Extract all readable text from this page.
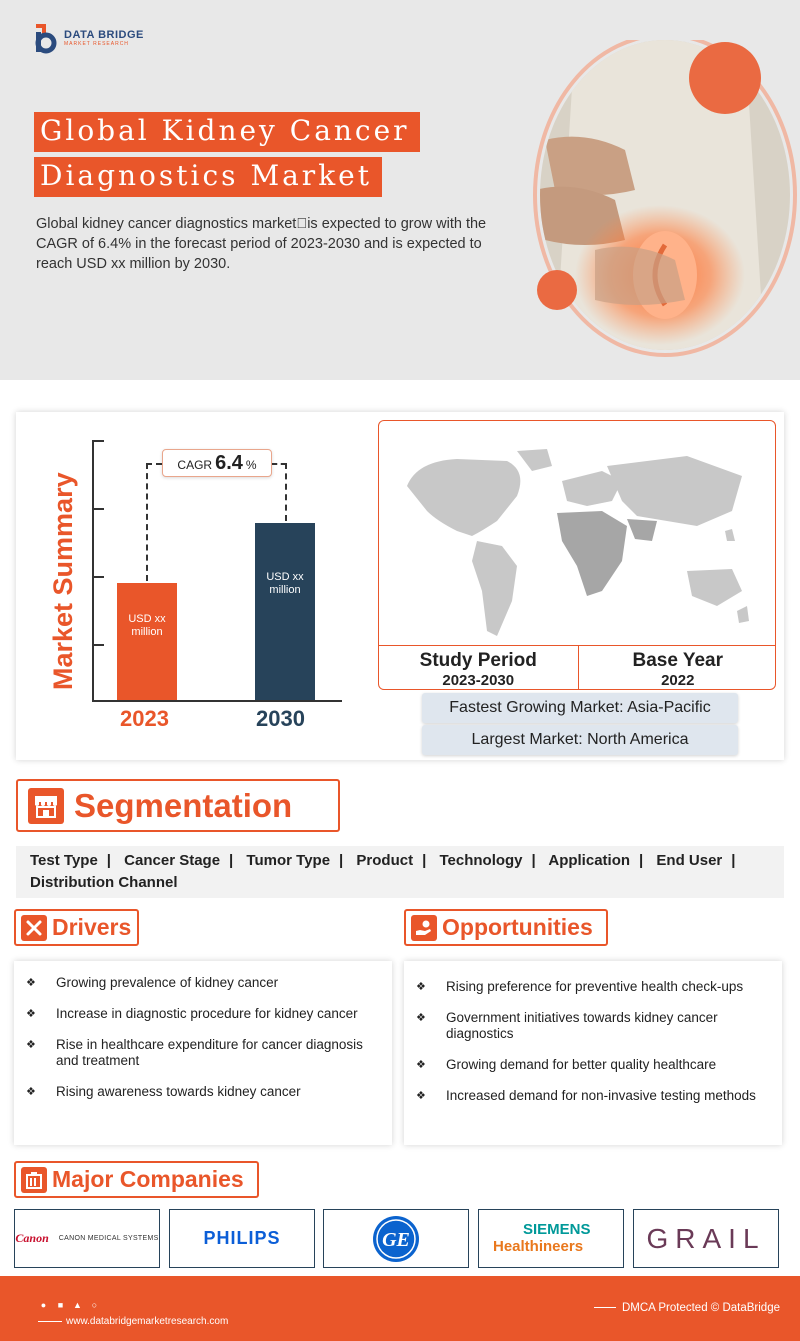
DATA BRIDGE
MARKET RESEARCH
Global Kidney Cancer
Diagnostics Market

Global kidney cancer diagnostics market is expected to grow with the CAGR of 6.4% in the forecast period of 2023-2030 and is expected to reach USD xx million by 2030.

Market Summary	USD xx million
USD xx million
2023	2030
CAGR 6.4 %
Study Period
2023-2030
Base Year
2022
Fastest Growing Market: Asia-Pacific
Largest Market: North America
Segmentation
Test Type | Cancer Stage | Tumor Type | Product | Technology | Application | End User |
Distribution Channel
Drivers	Opportunities
❖	Growing prevalence of kidney cancer
❖	Increase in diagnostic procedure for kidney cancer
❖	Rise in healthcare expenditure for cancer diagnosis and treatment
❖	Rising awareness towards kidney cancer
❖	Rising preference for preventive health check-ups
❖	Government initiatives towards kidney cancer diagnostics
❖	Growing demand for better quality healthcare
❖	Increased demand for non-invasive testing methods
Major Companies
Canon CANON MEDICAL SYSTEMS PHILIPS	GE	SIEMENS
Healthineers GRAIL
●	■	▲	○
www.databridgemarketresearch.com
DMCA Protected © DataBridge
